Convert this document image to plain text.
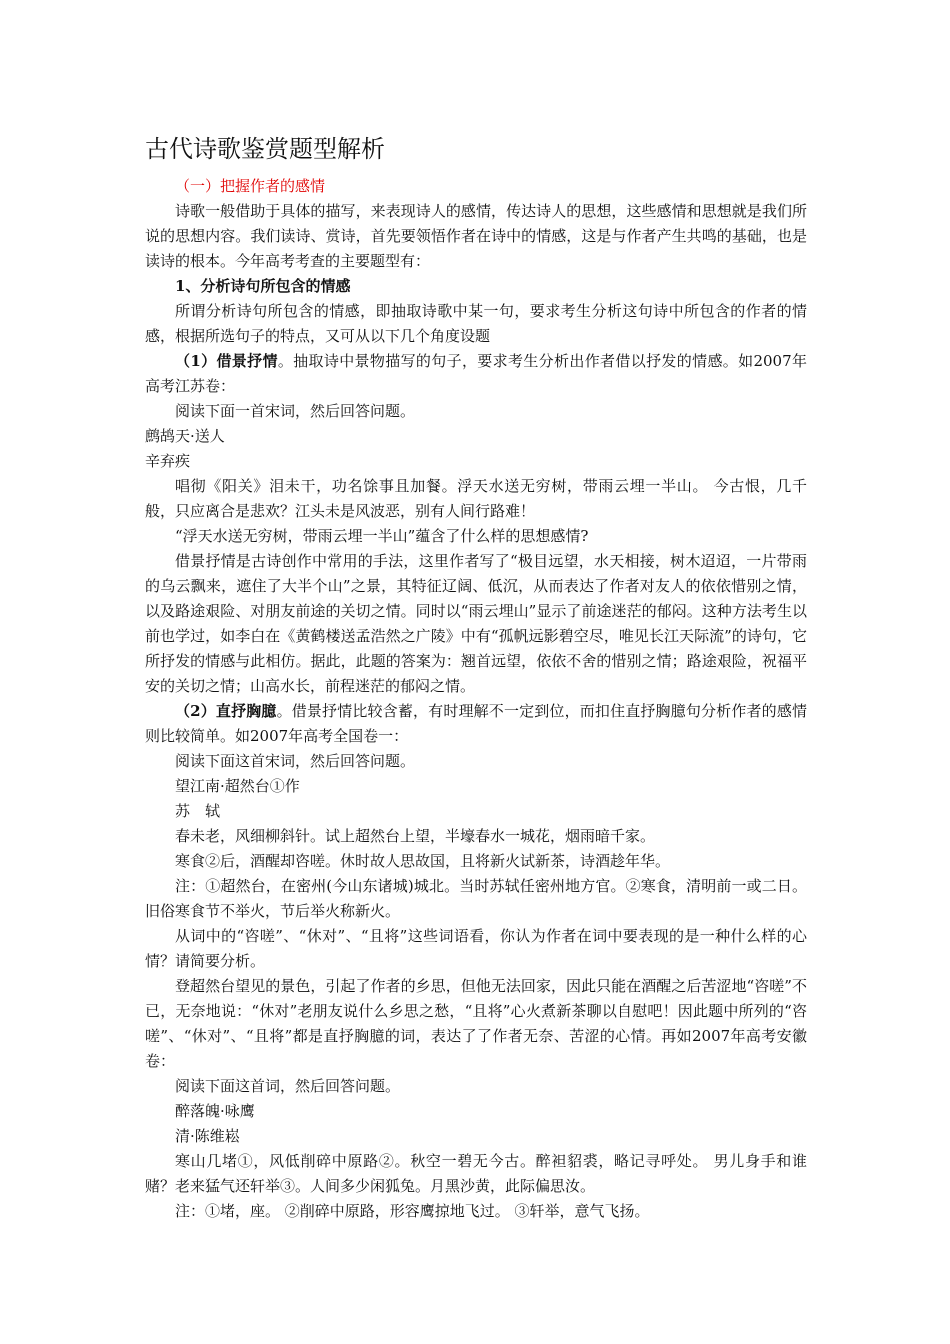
古代诗歌鉴赏题型解析

（一）把握作者的感情

诗歌一般借助于具体的描写，来表现诗人的感情，传达诗人的思想，这些感情和思想就是我们所说的思想内容。我们读诗、赏诗，首先要领悟作者在诗中的情感，这是与作者产生共鸣的基础，也是读诗的根本。今年高考考查的主要题型有：

1、分析诗句所包含的情感

所谓分析诗句所包含的情感，即抽取诗歌中某一句，要求考生分析这句诗中所包含的作者的情感，根据所选句子的特点，又可从以下几个角度设题

（1）借景抒情。抽取诗中景物描写的句子，要求考生分析出作者借以抒发的情感。如2007年高考江苏卷：

阅读下面一首宋词，然后回答问题。

鹧鸪天·送人

辛弃疾

唱彻《阳关》泪未干，功名馀事且加餐。浮天水送无穷树，带雨云埋一半山。 今古恨，几千般，只应离合是悲欢？江头未是风波恶，别有人间行路难！

“浮天水送无穷树，带雨云埋一半山”蕴含了什么样的思想感情?

借景抒情是古诗创作中常用的手法，这里作者写了“极目远望，水天相接，树木迢迢，一片带雨的乌云飘来，遮住了大半个山”之景，其特征辽阔、低沉，从而表达了作者对友人的依依惜别之情，以及路途艰险、对朋友前途的关切之情。同时以“雨云埋山”显示了前途迷茫的郁闷。这种方法考生以前也学过，如李白在《黄鹤楼送孟浩然之广陵》中有“孤帆远影碧空尽，唯见长江天际流”的诗句，它所抒发的情感与此相仿。据此，此题的答案为：翘首远望，依依不舍的惜别之情；路途艰险，祝福平安的关切之情；山高水长，前程迷茫的郁闷之情。

（2）直抒胸臆。借景抒情比较含蓄，有时理解不一定到位，而扣住直抒胸臆句分析作者的感情则比较简单。如2007年高考全国卷一：

阅读下面这首宋词，然后回答问题。

望江南·超然台①作

苏　轼

春未老，风细柳斜针。试上超然台上望，半壕春水一城花，烟雨暗千家。

寒食②后，酒醒却咨嗟。休时故人思故国，且将新火试新茶，诗酒趁年华。

注：①超然台，在密州(今山东诸城)城北。当时苏轼任密州地方官。②寒食，清明前一或二日。旧俗寒食节不举火，节后举火称新火。

从词中的“咨嗟”、“休对”、“且将”这些词语看，你认为作者在词中要表现的是一种什么样的心情？请简要分析。

登超然台望见的景色，引起了作者的乡思，但他无法回家，因此只能在酒醒之后苦涩地“咨嗟”不已，无奈地说：“休对”老朋友说什么乡思之愁，“且将”心火煮新茶聊以自慰吧！因此题中所列的“咨嗟”、“休对”、“且将”都是直抒胸臆的词，表达了了作者无奈、苦涩的心情。再如2007年高考安徽卷：

阅读下面这首词，然后回答问题。

醉落魄·咏鹰

清·陈维崧

寒山几堵①，风低削碎中原路②。秋空一碧无今古。醉袒貂裘，略记寻呼处。 男儿身手和谁赌？老来猛气还轩举③。人间多少闲狐兔。月黑沙黄，此际偏思汝。

注：①堵，座。 ②削碎中原路，形容鹰掠地飞过。 ③轩举，意气飞扬。
